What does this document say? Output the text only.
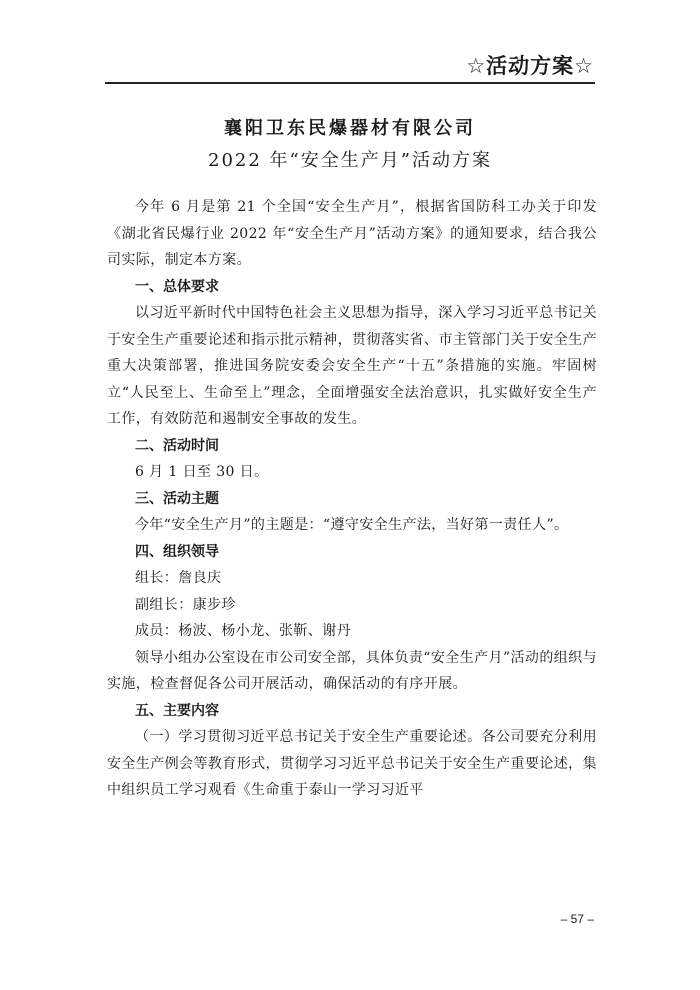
☆活动方案☆
襄阳卫东民爆器材有限公司
2022 年“安全生产月”活动方案

今年 6 月是第 21 个全国“安全生产月”，根据省国防科工办关于印发《湖北省民爆行业 2022 年“安全生产月”活动方案》的通知要求，结合我公司实际，制定本方案。

一、总体要求

以习近平新时代中国特色社会主义思想为指导，深入学习习近平总书记关于安全生产重要论述和指示批示精神，贯彻落实省、市主管部门关于安全生产重大决策部署，推进国务院安委会安全生产“十五”条措施的实施。牢固树立“人民至上、生命至上”理念，全面增强安全法治意识，扎实做好安全生产工作，有效防范和遏制安全事故的发生。

二、活动时间

6 月 1 日至 30 日。

三、活动主题

今年“安全生产月”的主题是：“遵守安全生产法，当好第一责任人”。

四、组织领导

组长：詹良庆

副组长：康步珍

成员：杨波、杨小龙、张靳、谢丹

领导小组办公室设在市公司安全部，具体负责“安全生产月”活动的组织与实施，检查督促各公司开展活动，确保活动的有序开展。

五、主要内容

（一）学习贯彻习近平总书记关于安全生产重要论述。各公司要充分利用安全生产例会等教育形式，贯彻学习习近平总书记关于安全生产重要论述，集中组织员工学习观看《生命重于泰山一学习习近平

– 57 –
